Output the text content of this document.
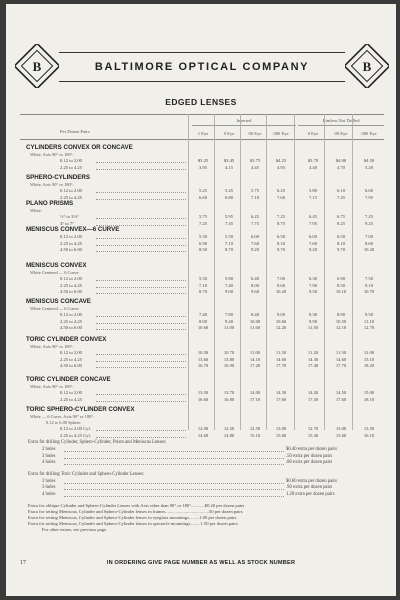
B	BALTIMORE OPTICAL COMPANY	B
EDGED LENSES
Per Dozen Pairs
Inserted	Rimless Not Drilled
1 Eye	0 Eye	00 Eye	000 Eye	0 Eye	00 Eye	000 Eye
CYLINDERS CONVEX OR CONCAVE
White, Axis 90° or 180°:
0.12 to 2.00	$3.25	$3.45	$3.75	$4.25	$3.70	$4.00	$4.50
2.25 to 4.25	3.95	4.15	4.45	4.95	4.40	4.70	5.20
SPHERO-CYLINDERS
White, Axis 90° or 180°:
0.12 to 2.00	5.25	5.45	5.75	6.25	5.80	6.10	6.60
2.25 to 4.25	6.60	6.80	7.10	7.60	7.15	7.45	7.95
PLANO PRISMS
White:
½° to 3½°	5.75	5.95	6.25	7.25	6.45	6.75	7.25
4° to 7°	7.25	7.45	7.75	8.75	7.95	8.25	9.25
MENISCUS CONVEX—6 CURVE
0.12 to 2.00	5.30	5.50	6.00	6.50	6.00	6.50	7.00
2.25 to 4.25	6.90	7.10	7.60	8.10	7.60	8.10	8.60
4.50 to 6.00	8.50	8.70	9.20	9.70	9.20	9.70	10.20
MENISCUS CONVEX
White Centered — 6 Curve:
0.12 to 2.00	5.50	5.80	6.40	7.00	6.30	6.90	7.50
2.25 to 4.25	7.10	7.40	8.00	8.60	7.90	8.50	9.10
4.50 to 6.00	8.70	9.00	9.60	10.20	9.50	10.10	10.70
MENISCUS CONCAVE
White Centered — 6 Curve:
0.12 to 2.00	7.40	7.80	8.40	9.00	8.30	8.90	9.50
2.25 to 4.25	8.00	9.40	10.00	10.60	9.90	10.50	11.10
4.50 to 6.00	10.60	11.00	11.60	12.20	11.50	12.10	12.70
TORIC CYLINDER CONVEX
White, Axis 90° or 180°:
0.12 to 2.00	10.50	10.70	11.00	11.50	11.20	11.50	12.00
2.25 to 4.25	13.60	13.80	14.10	14.60	14.30	14.60	15.10
4.50 to 6.00	16.70	16.90	17.20	17.70	17.40	17.70	18.20
TORIC CYLINDER CONCAVE
White, Axis 90° or 180°:
0.12 to 2.00	13.50	13.70	14.00	14.50	14.20	14.50	15.00
2.25 to 4.25	16.60	16.80	17.10	17.60	17.30	17.60	18.10
TORIC SPHERO-CYLINDER CONVEX
White — 6 Curve, Axis 90° or 180°:
0.12 to 6.00 Sphere:
0.12 to 2.00 Cyl.	12.00	12.20	12.50	13.00	12.70	13.00	13.50
2.25 to 4.25 Cyl.	14.60	14.80	15.10	15.60	15.30	15.60	16.10
Extra for drilling Cylinder, Sphero-Cylinder, Prism and Meniscus Lenses:
2 holes	$0.40 extra per dozen pairs
3 holes	.50 extra per dozen pairs
4 holes	.80 extra per dozen pairs
Extra for drilling Toric Cylinder and Sphero-Cylinder Lenses:
2 holes	$0.60 extra per dozen pairs
3 holes	.90 extra per dozen pairs
4 holes	1.20 extra per dozen pairs
Extra for oblique Cylinder and Sphero-Cylinder Lenses with Axis other than 90° or 180°............$0.20 per dozen pairs
Extra for setting Meniscus, Cylinder and Sphero-Cylinder lenses in frames......................................50 per dozen pairs
Extra for setting Meniscus, Cylinder and Sphero-Cylinder lenses in eyeglass mountings.........1.00 per dozen pairs
Extra for setting Meniscus, Cylinder and Sphero-Cylinder lenses in spectacle mountings.........1.50 per dozen pairs
For other extras, see previous page.
17	IN ORDERING GIVE PAGE NUMBER AS WELL AS STOCK NUMBER
